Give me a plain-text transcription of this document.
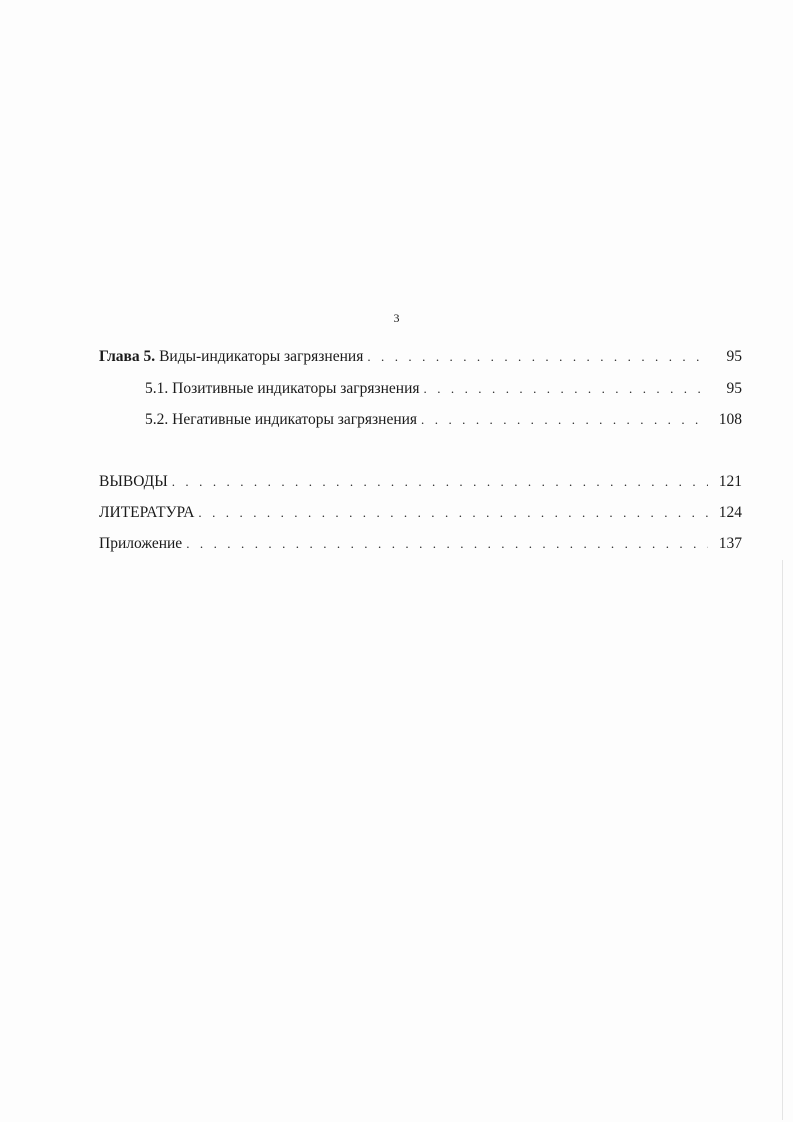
3
Глава 5. Виды-индикаторы загрязнения . . .	95
5.1. Позитивные индикаторы загрязнения . . .	95
5.2. Негативные индикаторы загрязнения . . .	108
ВЫВОДЫ . . .	121
ЛИТЕРАТУРА . . .	124
Приложение . . .	137
